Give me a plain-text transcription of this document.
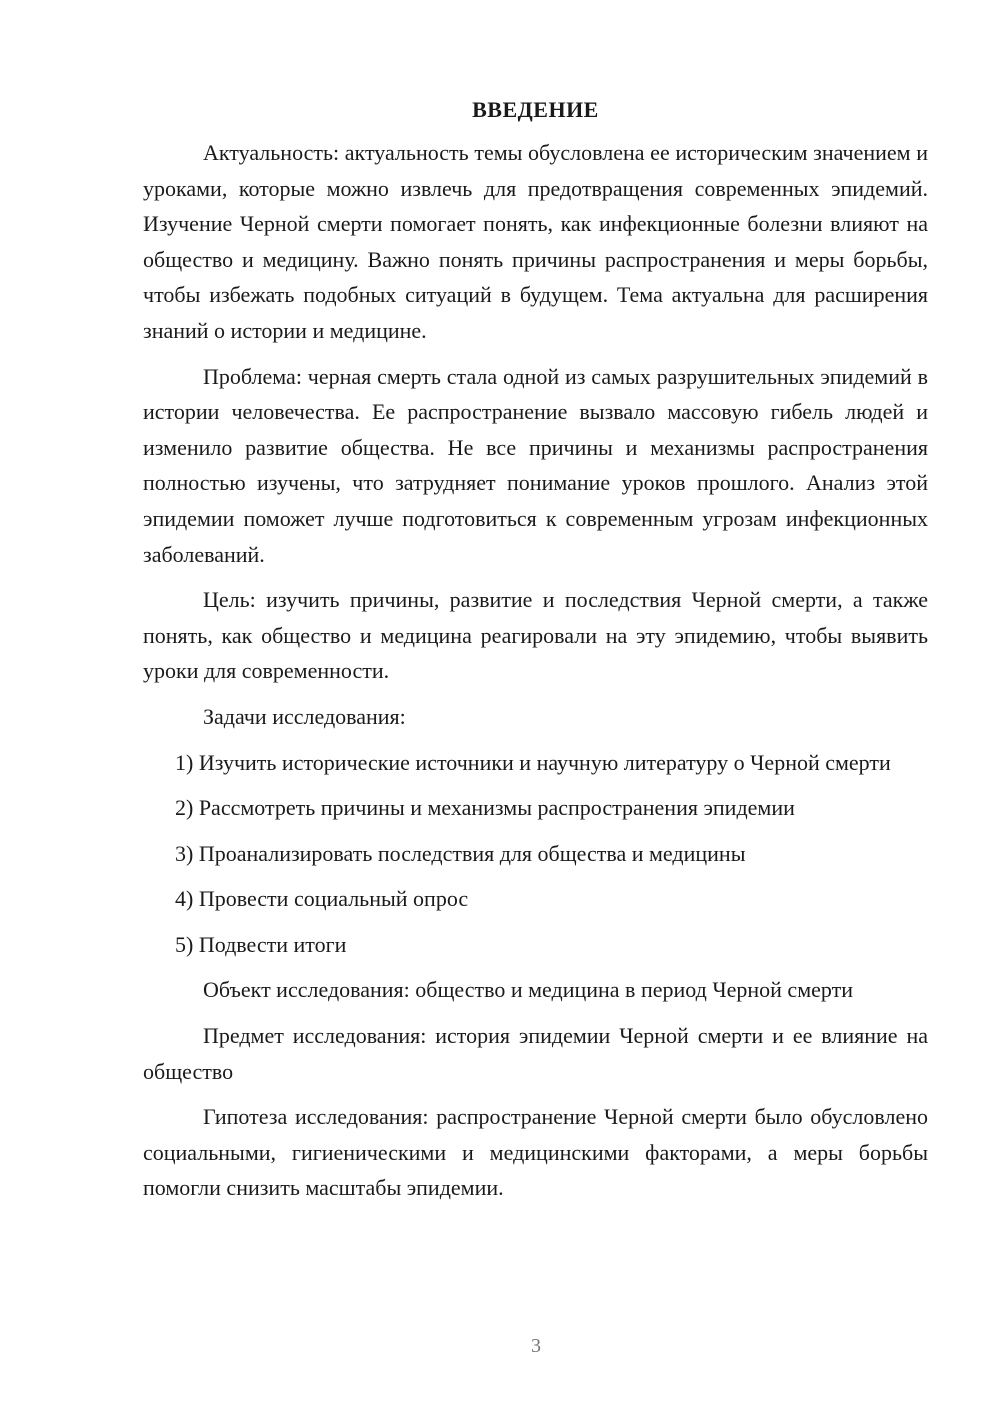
ВВЕДЕНИЕ

Актуальность: актуальность темы обусловлена ее историческим значением и уроками, которые можно извлечь для предотвращения современных эпидемий. Изучение Черной смерти помогает понять, как инфекционные болезни влияют на общество и медицину. Важно понять причины распространения и меры борьбы, чтобы избежать подобных ситуаций в будущем. Тема актуальна для расширения знаний о истории и медицине.

Проблема: черная смерть стала одной из самых разрушительных эпидемий в истории человечества. Ее распространение вызвало массовую гибель людей и изменило развитие общества. Не все причины и механизмы распространения полностью изучены, что затрудняет понимание уроков прошлого. Анализ этой эпидемии поможет лучше подготовиться к современным угрозам инфекционных заболеваний.

Цель: изучить причины, развитие и последствия Черной смерти, а также понять, как общество и медицина реагировали на эту эпидемию, чтобы выявить уроки для современности.

Задачи исследования:

1) Изучить исторические источники и научную литературу о Черной смерти

2) Рассмотреть причины и механизмы распространения эпидемии

3) Проанализировать последствия для общества и медицины

4) Провести социальный опрос

5) Подвести итоги

Объект исследования: общество и медицина в период Черной смерти

Предмет исследования: история эпидемии Черной смерти и ее влияние на общество

Гипотеза исследования: распространение Черной смерти было обусловлено социальными, гигиеническими и медицинскими факторами, а меры борьбы помогли снизить масштабы эпидемии.

3
